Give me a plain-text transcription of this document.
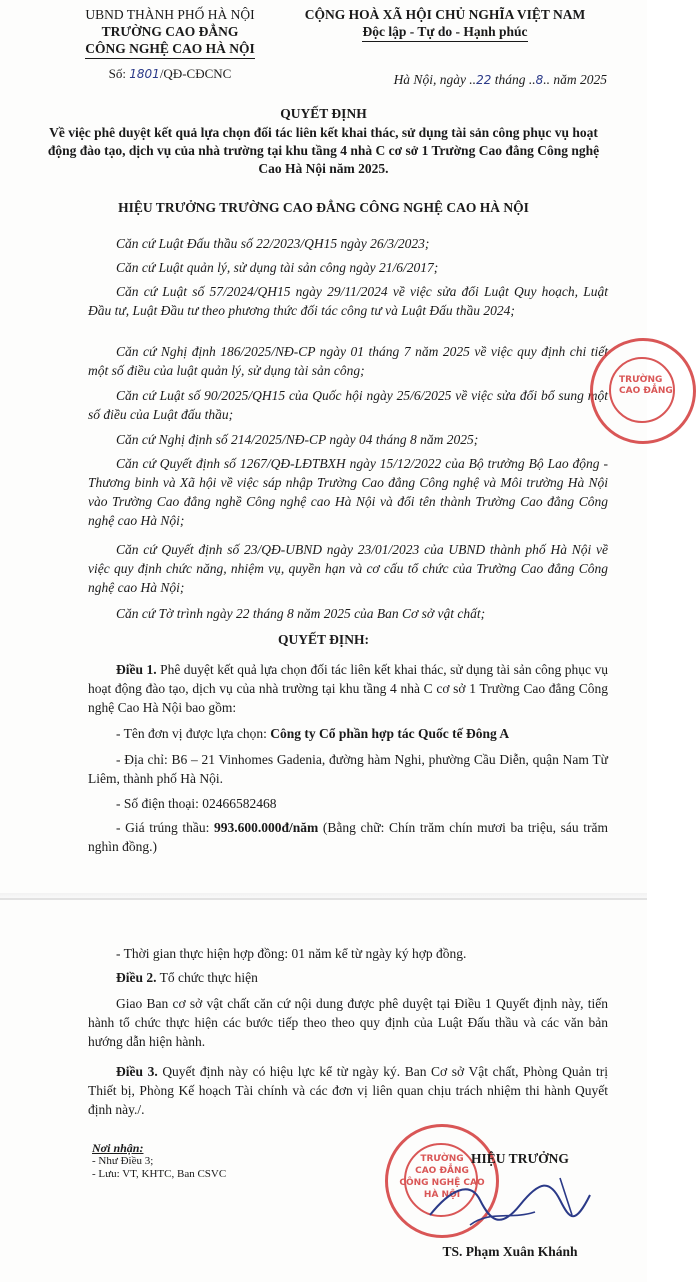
UBND THÀNH PHỐ HÀ NỘI
TRƯỜNG CAO ĐẲNG
CÔNG NGHỆ CAO HÀ NỘI
Số: 1801/QĐ-CĐCNC
CỘNG HOÀ XÃ HỘI CHỦ NGHĨA VIỆT NAM
Độc lập - Tự do - Hạnh phúc
Hà Nội, ngày ..22 tháng ..8.. năm 2025
QUYẾT ĐỊNH
Về việc phê duyệt kết quả lựa chọn đối tác liên kết khai thác, sử dụng tài sản công phục vụ hoạt động đào tạo, dịch vụ của nhà trường tại khu tầng 4 nhà C cơ sở 1 Trường Cao đẳng Công nghệ Cao Hà Nội năm 2025.
HIỆU TRƯỞNG TRƯỜNG CAO ĐẲNG CÔNG NGHỆ CAO HÀ NỘI
Căn cứ Luật Đấu thầu số 22/2023/QH15 ngày 26/3/2023;
Căn cứ Luật quản lý, sử dụng tài sản công ngày 21/6/2017;
Căn cứ Luật số 57/2024/QH15 ngày 29/11/2024 về việc sửa đổi Luật Quy hoạch, Luật Đầu tư, Luật Đầu tư theo phương thức đối tác công tư và Luật Đấu thầu 2024;
Căn cứ Nghị định 186/2025/NĐ-CP ngày 01 tháng 7 năm 2025 về việc quy định chi tiết một số điều của luật quản lý, sử dụng tài sản công;
Căn cứ Luật số 90/2025/QH15 của Quốc hội ngày 25/6/2025 về việc sửa đổi bổ sung một số điều của Luật đấu thầu;
Căn cứ Nghị định số 214/2025/NĐ-CP ngày 04 tháng 8 năm 2025;
Căn cứ Quyết định số 1267/QĐ-LĐTBXH ngày 15/12/2022 của Bộ trưởng Bộ Lao động - Thương binh và Xã hội về việc sáp nhập Trường Cao đẳng Công nghệ và Môi trường Hà Nội vào Trường Cao đẳng nghề Công nghệ cao Hà Nội và đổi tên thành Trường Cao đẳng Công nghệ cao Hà Nội;
Căn cứ Quyết định số 23/QĐ-UBND ngày 23/01/2023 của UBND thành phố Hà Nội về việc quy định chức năng, nhiệm vụ, quyền hạn và cơ cấu tổ chức của Trường Cao đẳng Công nghệ cao Hà Nội;
Căn cứ Tờ trình ngày 22 tháng 8 năm 2025 của Ban Cơ sở vật chất;
QUYẾT ĐỊNH:
Điều 1. Phê duyệt kết quả lựa chọn đối tác liên kết khai thác, sử dụng tài sản công phục vụ hoạt động đào tạo, dịch vụ của nhà trường tại khu tầng 4 nhà C cơ sở 1 Trường Cao đẳng Công nghệ Cao Hà Nội bao gồm:
- Tên đơn vị được lựa chọn: Công ty Cổ phần hợp tác Quốc tế Đông A
- Địa chỉ: B6 – 21 Vinhomes Gadenia, đường hàm Nghi, phường Cầu Diễn, quận Nam Từ Liêm, thành phố Hà Nội.
- Số điện thoại: 02466582468
- Giá trúng thầu: 993.600.000đ/năm (Bằng chữ: Chín trăm chín mươi ba triệu, sáu trăm nghìn đồng.)
TRƯỜNG
CAO ĐẲNG
- Thời gian thực hiện hợp đồng: 01 năm kể từ ngày ký hợp đồng.
Điều 2. Tổ chức thực hiện
Giao Ban cơ sở vật chất căn cứ nội dung được phê duyệt tại Điều 1 Quyết định này, tiến hành tổ chức thực hiện các bước tiếp theo theo quy định của Luật Đấu thầu và các văn bản hướng dẫn hiện hành.
Điều 3. Quyết định này có hiệu lực kể từ ngày ký. Ban Cơ sở Vật chất, Phòng Quản trị Thiết bị, Phòng Kế hoạch Tài chính và các đơn vị liên quan chịu trách nhiệm thi hành Quyết định này./.
Nơi nhận:
- Như Điều 3;
- Lưu: VT, KHTC, Ban CSVC
TRƯỜNG
CAO ĐẲNG
CÔNG NGHỆ CAO
HÀ NỘI
HIỆU TRƯỞNG
TS. Phạm Xuân Khánh
